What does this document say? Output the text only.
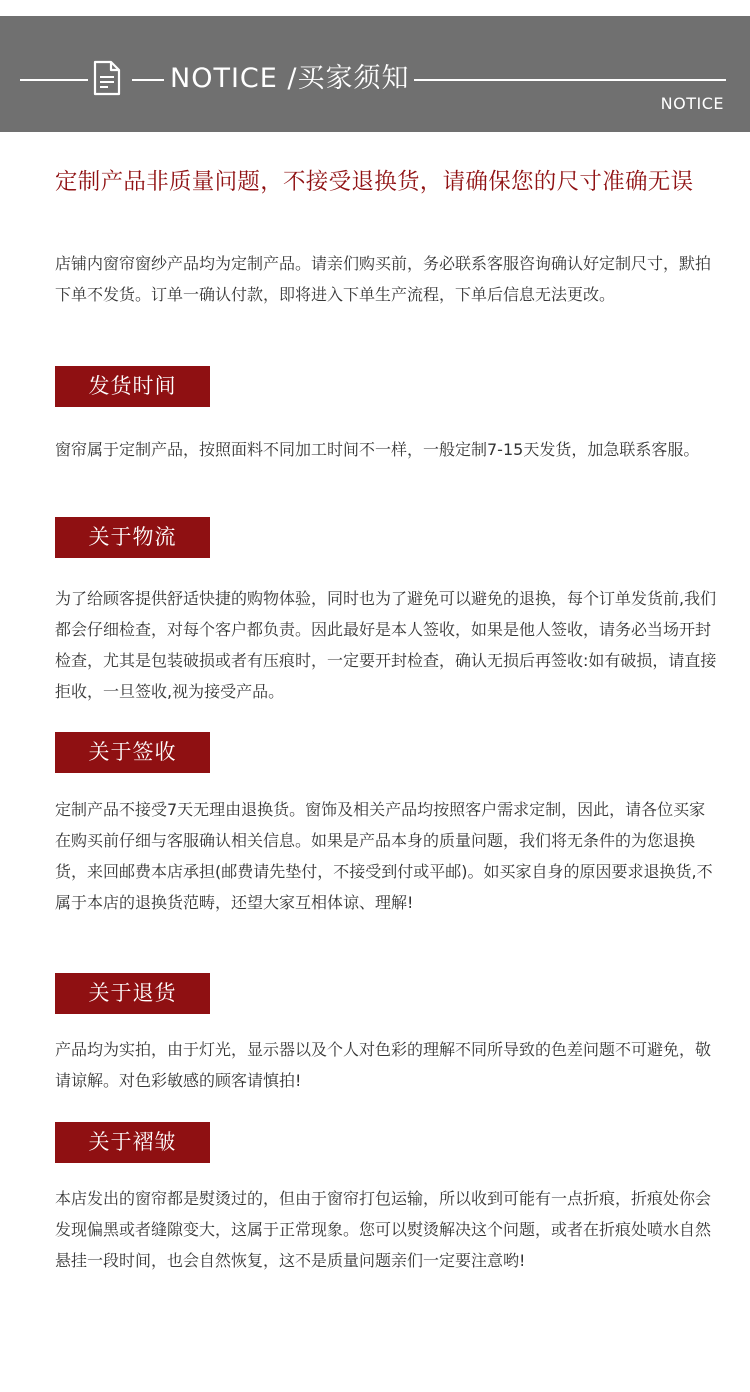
NOTICE /买家须知
NOTICE
定制产品非质量问题，不接受退换货，请确保您的尺寸准确无误
店铺内窗帘窗纱产品均为定制产品。请亲们购买前，务必联系客服咨询确认好定制尺寸，默拍下单不发货。订单一确认付款，即将进入下单生产流程，下单后信息无法更改。
发货时间
窗帘属于定制产品，按照面料不同加工时间不一样，一般定制7-15天发货，加急联系客服。
关于物流
为了给顾客提供舒适快捷的购物体验，同时也为了避免可以避免的退换，每个订单发货前,我们都会仔细检查，对每个客户都负责。因此最好是本人签收，如果是他人签收，请务必当场开封检查，尤其是包装破损或者有压痕时，一定要开封检查，确认无损后再签收:如有破损，请直接拒收，一旦签收,视为接受产品。
关于签收
定制产品不接受7天无理由退换货。窗饰及相关产品均按照客户需求定制，因此，请各位买家在购买前仔细与客服确认相关信息。如果是产品本身的质量问题，我们将无条件的为您退换货，来回邮费本店承担(邮费请先垫付，不接受到付或平邮)。如买家自身的原因要求退换货,不属于本店的退换货范畴，还望大家互相体谅、理解!
关于退货
产品均为实拍，由于灯光，显示器以及个人对色彩的理解不同所导致的色差问题不可避免，敬请谅解。对色彩敏感的顾客请慎拍!
关于褶皱
本店发出的窗帘都是熨烫过的，但由于窗帘打包运输，所以收到可能有一点折痕，折痕处你会发现偏黑或者缝隙变大，这属于正常现象。您可以熨烫解决这个问题，或者在折痕处喷水自然悬挂一段时间，也会自然恢复，这不是质量问题亲们一定要注意哟!
